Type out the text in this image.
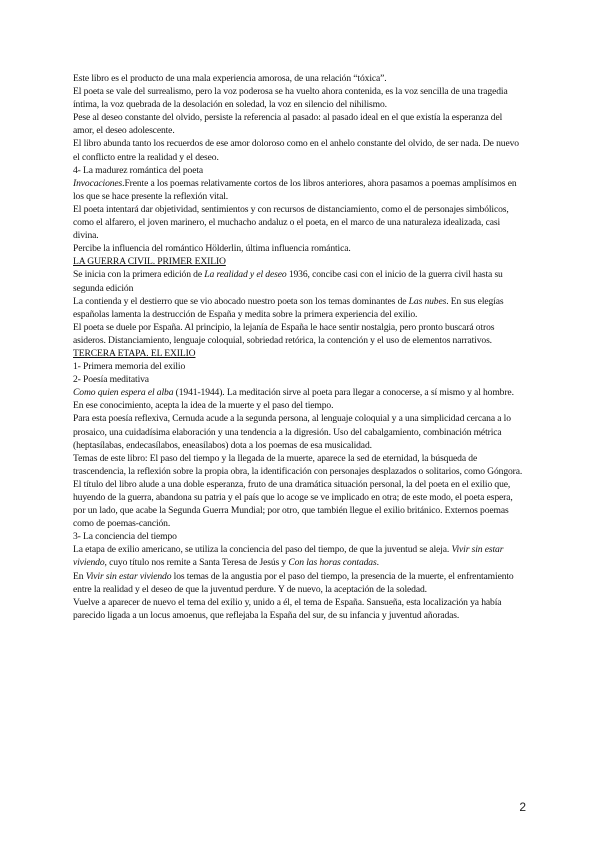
Este libro es el producto de una mala experiencia amorosa, de una relación “tóxica”.

El poeta se vale del surrealismo, pero la voz poderosa se ha vuelto ahora contenida, es la voz sencilla de una tragedia íntima, la voz quebrada de la desolación en soledad, la voz en silencio del nihilismo.

Pese al deseo constante del olvido, persiste la referencia al pasado: al pasado ideal en el que existía la esperanza del amor, el deseo adolescente.

El libro abunda tanto los recuerdos de ese amor doloroso como en el anhelo constante del olvido, de ser nada. De nuevo el conflicto entre la realidad y el deseo.

4- La madurez romántica del poeta

Invocaciones.Frente a los poemas relativamente cortos de los libros anteriores, ahora pasamos a poemas amplísimos en los que se hace presente la reflexión vital.

El poeta intentará dar objetividad, sentimientos y con recursos de distanciamiento, como el de personajes simbólicos, como el alfarero, el joven marinero, el muchacho andaluz o el poeta, en el marco de una naturaleza idealizada, casi divina.

Percibe la influencia del romántico Hölderlin, última influencia romántica.

LA GUERRA CIVIL. PRIMER EXILIO

Se inicia con la primera edición de La realidad y el deseo 1936, concibe casi con el inicio de la guerra civil hasta su segunda edición

La contienda y el destierro que se vio abocado nuestro poeta son los temas dominantes de Las nubes. En sus elegías españolas lamenta la destrucción de España y medita sobre la primera experiencia del exilio.

El poeta se duele por España. Al principio, la lejanía de España le hace sentir nostalgia, pero pronto buscará otros asideros. Distanciamiento, lenguaje coloquial, sobriedad retórica, la contención y el uso de elementos narrativos.

TERCERA ETAPA. EL EXILIO

1- Primera memoria del exilio

2- Poesía meditativa

Como quien espera el alba (1941-1944). La meditación sirve al poeta para llegar a conocerse, a sí mismo y al hombre. En ese conocimiento, acepta la idea de la muerte y el paso del tiempo.

Para esta poesía reflexiva, Cernuda acude a la segunda persona, al lenguaje coloquial y a una simplicidad cercana a lo prosaico, una cuidadísima elaboración y una tendencia a la digresión. Uso del cabalgamiento, combinación métrica (heptasílabas, endecasílabos, eneasílabos) dota a los poemas de esa musicalidad.

Temas de este libro: El paso del tiempo y la llegada de la muerte, aparece la sed de eternidad, la búsqueda de trascendencia, la reflexión sobre la propia obra, la identificación con personajes desplazados o solitarios, como Góngora.

El título del libro alude a una doble esperanza, fruto de una dramática situación personal, la del poeta en el exilio que, huyendo de la guerra, abandona su patria y el país que lo acoge se ve implicado en otra; de este modo, el poeta espera, por un lado, que acabe la Segunda Guerra Mundial; por otro, que también llegue el exilio británico. Externos poemas como de poemas-canción.

3- La conciencia del tiempo

La etapa de exilio americano, se utiliza la conciencia del paso del tiempo, de que la juventud se aleja. Vivir sin estar viviendo, cuyo título nos remite a Santa Teresa de Jesús y Con las horas contadas.

En Vivir sin estar viviendo los temas de la angustia por el paso del tiempo, la presencia de la muerte, el enfrentamiento entre la realidad y el deseo de que la juventud perdure. Y de nuevo, la aceptación de la soledad.

Vuelve a aparecer de nuevo el tema del exilio y, unido a él, el tema de España. Sansueña, esta localización ya había parecido ligada a un locus amoenus, que reflejaba la España del sur, de su infancia y juventud añoradas.

2
